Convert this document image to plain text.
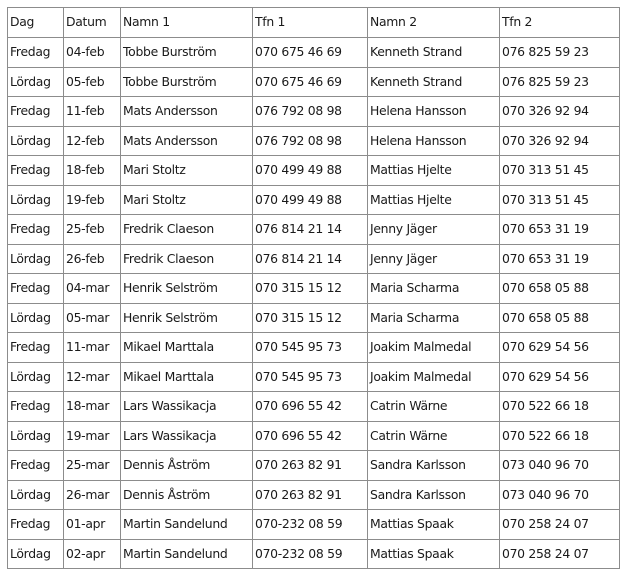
Dag	Datum	Namn 1	Tfn 1	Namn 2	Tfn 2
Fredag	04-feb	Tobbe Burström	070 675 46 69	Kenneth Strand	076 825 59 23
Lördag	05-feb	Tobbe Burström	070 675 46 69	Kenneth Strand	076 825 59 23
Fredag	11-feb	Mats Andersson	076 792 08 98	Helena Hansson	070 326 92 94
Lördag	12-feb	Mats Andersson	076 792 08 98	Helena Hansson	070 326 92 94
Fredag	18-feb	Mari Stoltz	070 499 49 88	Mattias Hjelte	070 313 51 45
Lördag	19-feb	Mari Stoltz	070 499 49 88	Mattias Hjelte	070 313 51 45
Fredag	25-feb	Fredrik Claeson	076 814 21 14	Jenny Jäger	070 653 31 19
Lördag	26-feb	Fredrik Claeson	076 814 21 14	Jenny Jäger	070 653 31 19
Fredag	04-mar	Henrik Selström	070 315 15 12	Maria Scharma	070 658 05 88
Lördag	05-mar	Henrik Selström	070 315 15 12	Maria Scharma	070 658 05 88
Fredag	11-mar	Mikael Marttala	070 545 95 73	Joakim Malmedal	070 629 54 56
Lördag	12-mar	Mikael Marttala	070 545 95 73	Joakim Malmedal	070 629 54 56
Fredag	18-mar	Lars Wassikacja	070 696 55 42	Catrin Wärne	070 522 66 18
Lördag	19-mar	Lars Wassikacja	070 696 55 42	Catrin Wärne	070 522 66 18
Fredag	25-mar	Dennis Åström	070 263 82 91	Sandra Karlsson	073 040 96 70
Lördag	26-mar	Dennis Åström	070 263 82 91	Sandra Karlsson	073 040 96 70
Fredag	01-apr	Martin Sandelund	070-232 08 59	Mattias Spaak	070 258 24 07
Lördag	02-apr	Martin Sandelund	070-232 08 59	Mattias Spaak	070 258 24 07
